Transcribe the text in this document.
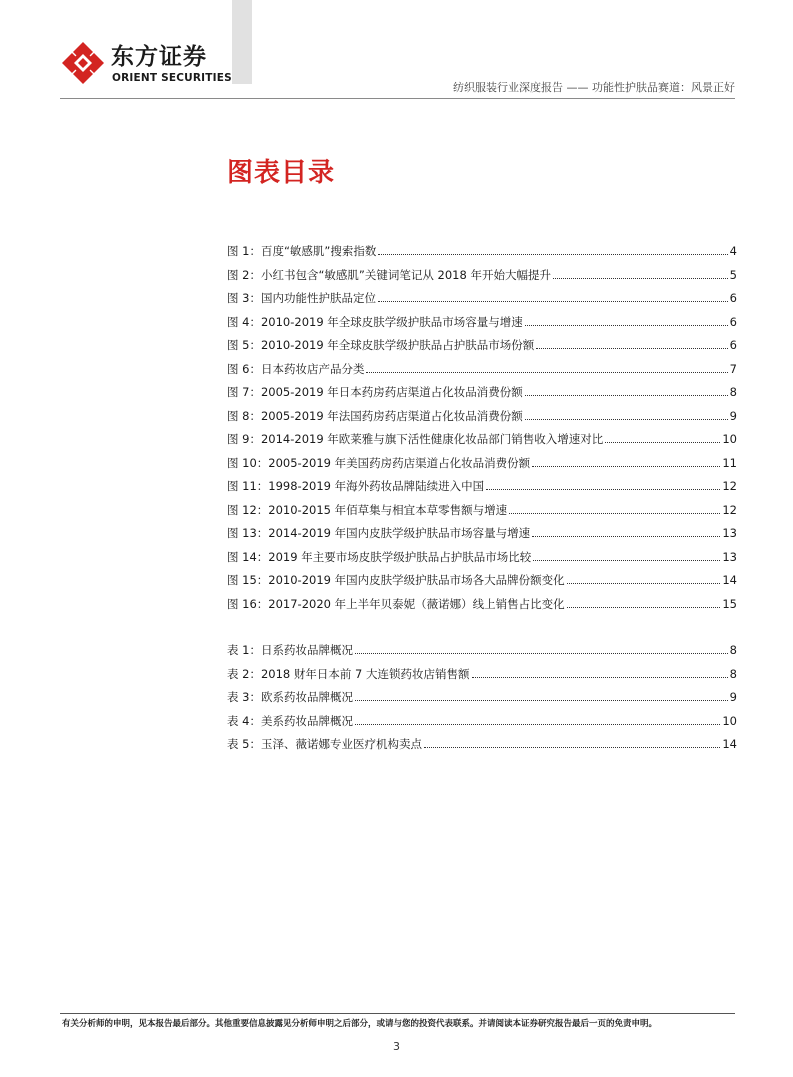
东方证券
ORIENT SECURITIES
纺织服装行业深度报告 —— 功能性护肤品赛道：风景正好
图表目录
图 1：百度“敏感肌”搜索指数	4
图 2：小红书包含“敏感肌”关键词笔记从 2018 年开始大幅提升	5
图 3：国内功能性护肤品定位	6
图 4：2010-2019 年全球皮肤学级护肤品市场容量与增速	6
图 5：2010-2019 年全球皮肤学级护肤品占护肤品市场份额	6
图 6：日本药妆店产品分类	7
图 7：2005-2019 年日本药房药店渠道占化妆品消费份额	8
图 8：2005-2019 年法国药房药店渠道占化妆品消费份额	9
图 9：2014-2019 年欧莱雅与旗下活性健康化妆品部门销售收入增速对比	10
图 10：2005-2019 年美国药房药店渠道占化妆品消费份额	11
图 11：1998-2019 年海外药妆品牌陆续进入中国	12
图 12：2010-2015 年佰草集与相宜本草零售额与增速	12
图 13：2014-2019 年国内皮肤学级护肤品市场容量与增速	13
图 14：2019 年主要市场皮肤学级护肤品占护肤品市场比较	13
图 15：2010-2019 年国内皮肤学级护肤品市场各大品牌份额变化	14
图 16：2017-2020 年上半年贝泰妮（薇诺娜）线上销售占比变化	15
表 1：日系药妆品牌概况	8
表 2：2018 财年日本前 7 大连锁药妆店销售额	8
表 3：欧系药妆品牌概况	9
表 4：美系药妆品牌概况	10
表 5：玉泽、薇诺娜专业医疗机构卖点	14
有关分析师的申明，见本报告最后部分。其他重要信息披露见分析师申明之后部分，或请与您的投资代表联系。并请阅读本证券研究报告最后一页的免责申明。
3
